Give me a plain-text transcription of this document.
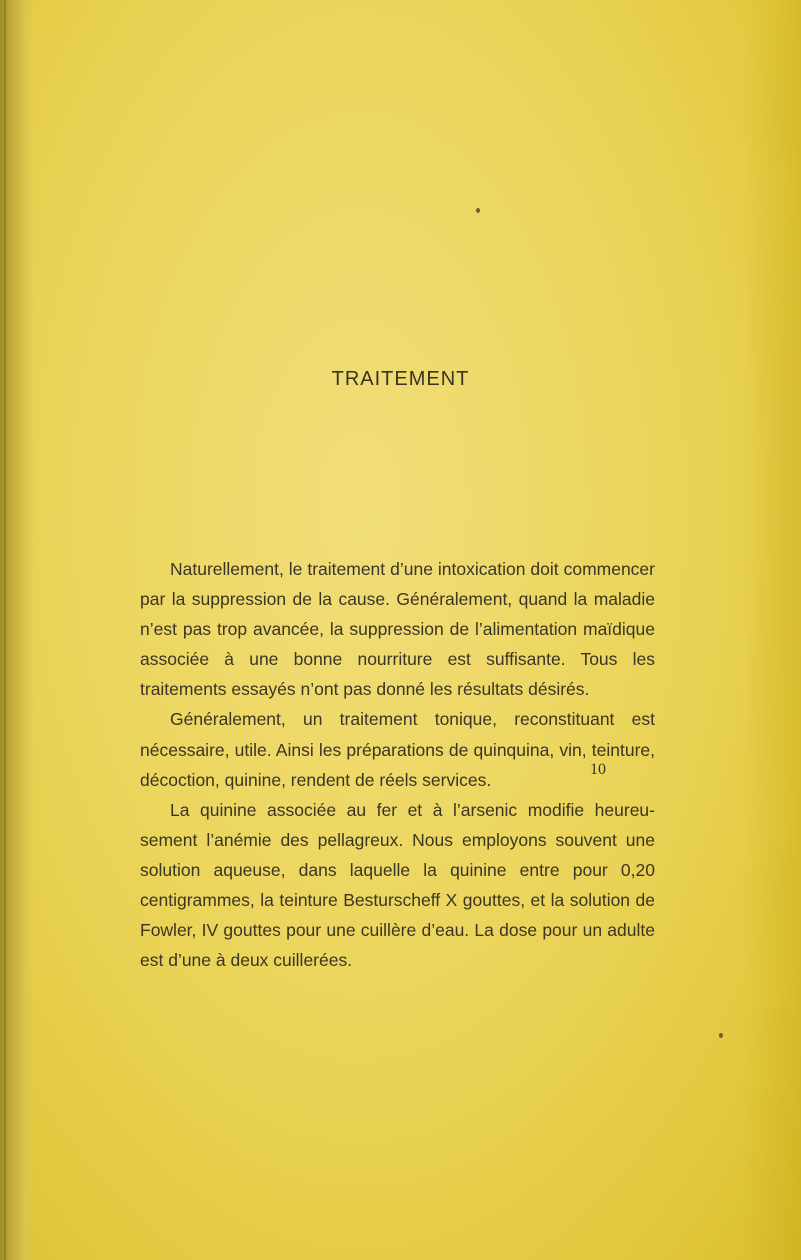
TRAITEMENT

Naturellement, le traitement d’une intoxication doit commencer par la suppression de la cause. Généralement, quand la maladie n’est pas trop avancée, la suppression de l’alimentation maïdique associée à une bonne nourriture est suffisante. Tous les traitements essayés n’ont pas donné les résultats désirés.

Généralement, un traitement tonique, reconstituant est nécessaire, utile. Ainsi les préparations de quinquina, vin, teinture, décoction, quinine, rendent de réels services.

La quinine associée au fer et à l’arsenic modifie heureusement l’anémie des pellagreux. Nous employons souvent une solution aqueuse, dans laquelle la quinine entre pour 0,20 centigrammes, la teinture Besturscheff X gouttes, et la solution de Fowler, IV gouttes pour une cuillère d’eau. La dose pour un adulte est d’une à deux cuillerées.

10
